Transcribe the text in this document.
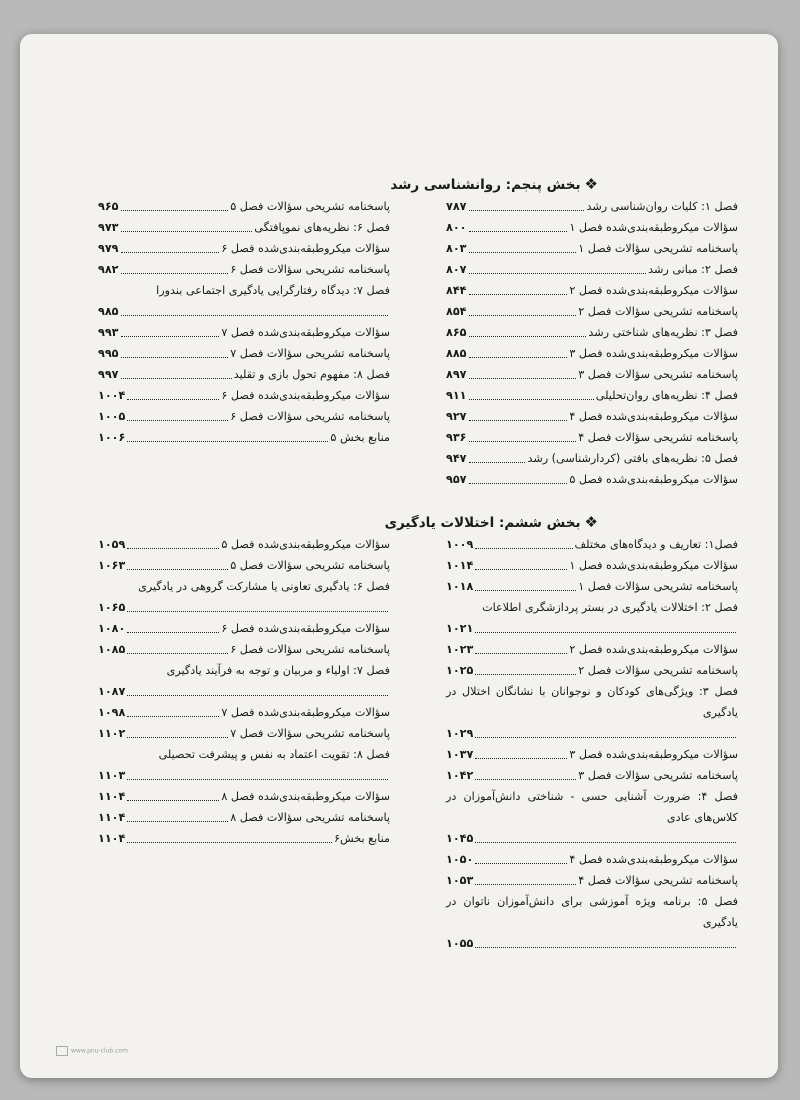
❖بخش پنجم: روانشناسی رشد
فصل ۱: کلیات روان‌شناسی رشد
۷۸۷
سؤالات میکروطبقه‌بندی‌شده فصل ۱
۸۰۰
پاسخنامه تشریحی سؤالات فصل ۱
۸۰۳
فصل ۲: مبانی رشد
۸۰۷
سؤالات میکروطبقه‌بندی‌شده فصل ۲
۸۴۴
پاسخنامه تشریحی سؤالات فصل ۲
۸۵۴
فصل ۳: نظریه‌های شناختی رشد
۸۶۵
سؤالات میکروطبقه‌بندی‌شده فصل ۳
۸۸۵
پاسخنامه تشریحی سؤالات فصل ۳
۸۹۷
فصل ۴: نظریه‌های روان‌تحلیلی
۹۱۱
سؤالات میکروطبقه‌بندی‌شده فصل ۴
۹۲۷
پاسخنامه تشریحی سؤالات فصل ۴
۹۳۶
فصل ۵: نظریه‌های بافتی (کردارشناسی) رشد
۹۴۷
سؤالات میکروطبقه‌بندی‌شده فصل ۵
۹۵۷
پاسخنامه تشریحی سؤالات فصل ۵
۹۶۵
فصل ۶: نظریه‌های نموپافتگی
۹۷۳
سؤالات میکروطبقه‌بندی‌شده فصل ۶
۹۷۹
پاسخنامه تشریحی سؤالات فصل ۶
۹۸۲
فصل ۷: دیدگاه رفتارگرایی یادگیری اجتماعی بندورا
۹۸۵
سؤالات میکروطبقه‌بندی‌شده فصل ۷
۹۹۳
پاسخنامه تشریحی سؤالات فصل ۷
۹۹۵
فصل ۸: مفهوم تحول بازی و تقلید
۹۹۷
سؤالات میکروطبقه‌بندی‌شده فصل ۶
۱۰۰۴
پاسخنامه تشریحی سؤالات فصل ۶
۱۰۰۵
منابع بخش ۵
۱۰۰۶
❖بخش ششم: اختلالات یادگیری
فصل۱: تعاریف و دیدگاه‌های مختلف
۱۰۰۹
سؤالات میکروطبقه‌بندی‌شده فصل ۱
۱۰۱۴
پاسخنامه تشریحی سؤالات فصل ۱
۱۰۱۸
فصل ۲: اختلالات یادگیری در بستر پردازشگری اطلاعات
۱۰۲۱
سؤالات میکروطبقه‌بندی‌شده فصل ۲
۱۰۲۳
پاسخنامه تشریحی سؤالات فصل ۲
۱۰۲۵
فصل ۳: ویژگی‌های کودکان و نوجوانان با نشانگان اختلال در یادگیری
۱۰۲۹
سؤالات میکروطبقه‌بندی‌شده فصل ۳
۱۰۳۷
پاسخنامه تشریحی سؤالات فصل ۳
۱۰۴۲
فصل ۴: ضرورت آشنایی حسی - شناختی دانش‌آموزان در کلاس‌های عادی
۱۰۴۵
سؤالات میکروطبقه‌بندی‌شده فصل ۴
۱۰۵۰
پاسخنامه تشریحی سؤالات فصل ۴
۱۰۵۳
فصل ۵: برنامه ویژه آموزشی برای دانش‌آموزان ناتوان در یادگیری
۱۰۵۵
سؤالات میکروطبقه‌بندی‌شده فصل ۵
۱۰۵۹
پاسخنامه تشریحی سؤالات فصل ۵
۱۰۶۳
فصل ۶: یادگیری تعاونی یا مشارکت گروهی در یادگیری
۱۰۶۵
سؤالات میکروطبقه‌بندی‌شده فصل ۶
۱۰۸۰
پاسخنامه تشریحی سؤالات فصل ۶
۱۰۸۵
فصل ۷: اولیاء و مربیان و توجه به فرآیند یادگیری
۱۰۸۷
سؤالات میکروطبقه‌بندی‌شده فصل ۷
۱۰۹۸
پاسخنامه تشریحی سؤالات فصل ۷
۱۱۰۲
فصل ۸: تقویت اعتماد به نفس و پیشرفت تحصیلی
۱۱۰۳
سؤالات میکروطبقه‌بندی‌شده فصل ۸
۱۱۰۴
پاسخنامه تشریحی سؤالات فصل ۸
۱۱۰۴
منابع بخش۶
۱۱۰۴
www.pnu-club.com
